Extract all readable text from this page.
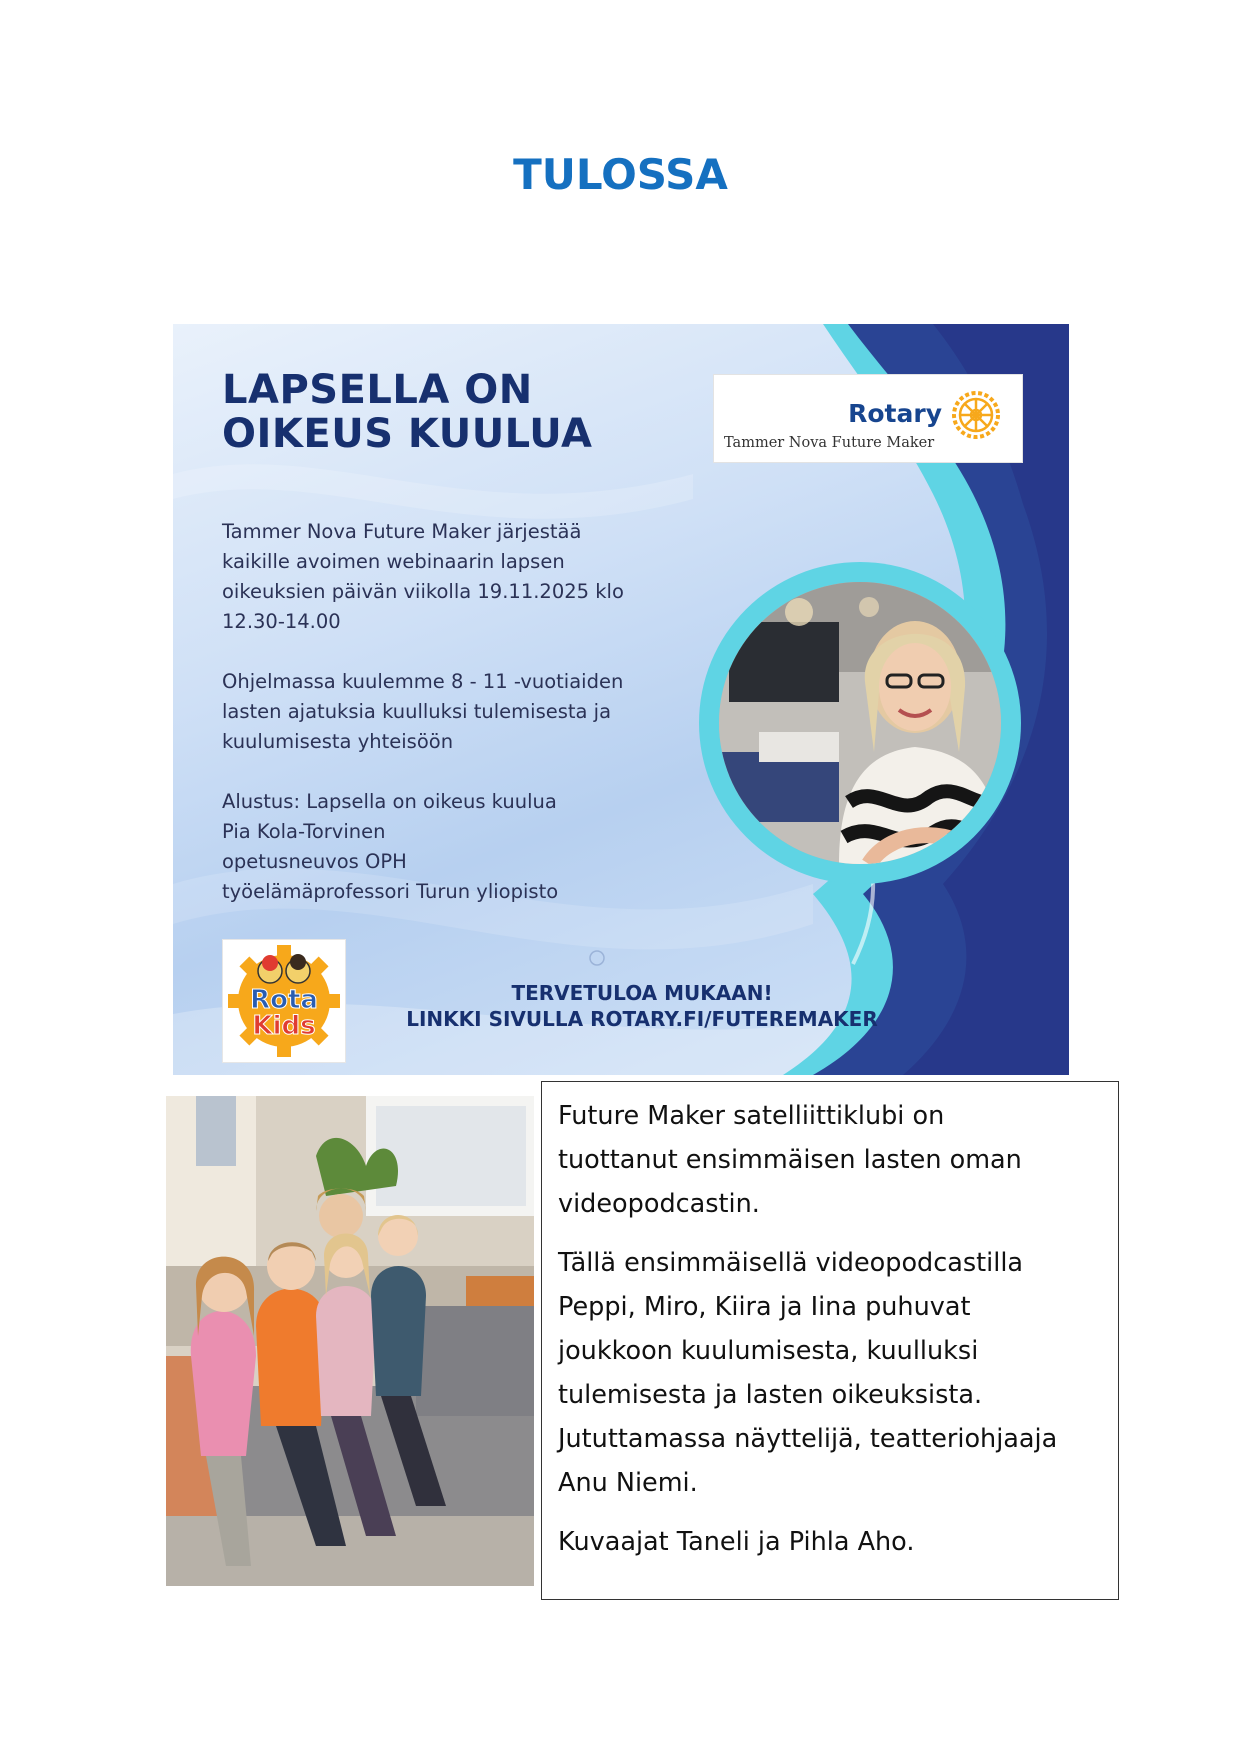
TULOSSA
LAPSELLA ON
OIKEUS KUULUA	Rotary
Tammer Nova Future Maker

Tammer Nova Future Maker järjestää
kaikille avoimen webinaarin lapsen
oikeuksien päivän viikolla 19.11.2025 klo
12.30-14.00

Ohjelmassa kuulemme 8 - 11 -vuotiaiden
lasten ajatuksia kuulluksi tulemisesta ja
kuulumisesta yhteisöön

Alustus: Lapsella on oikeus kuulua
Pia Kola-Torvinen
opetusneuvos OPH
työelämäprofessori Turun yliopisto

Rota
Kids
TERVETULOA MUKAAN!
LINKKI SIVULLA ROTARY.FI/FUTEREMAKER

Future Maker satelliittiklubi on
tuottanut ensimmäisen lasten oman
videopodcastin.

Tällä ensimmäisellä videopodcastilla
Peppi, Miro, Kiira ja Iina puhuvat
joukkoon kuulumisesta, kuulluksi
tulemisesta ja lasten oikeuksista.
Jututtamassa näyttelijä, teatteriohjaaja
Anu Niemi.

Kuvaajat Taneli ja Pihla Aho.
